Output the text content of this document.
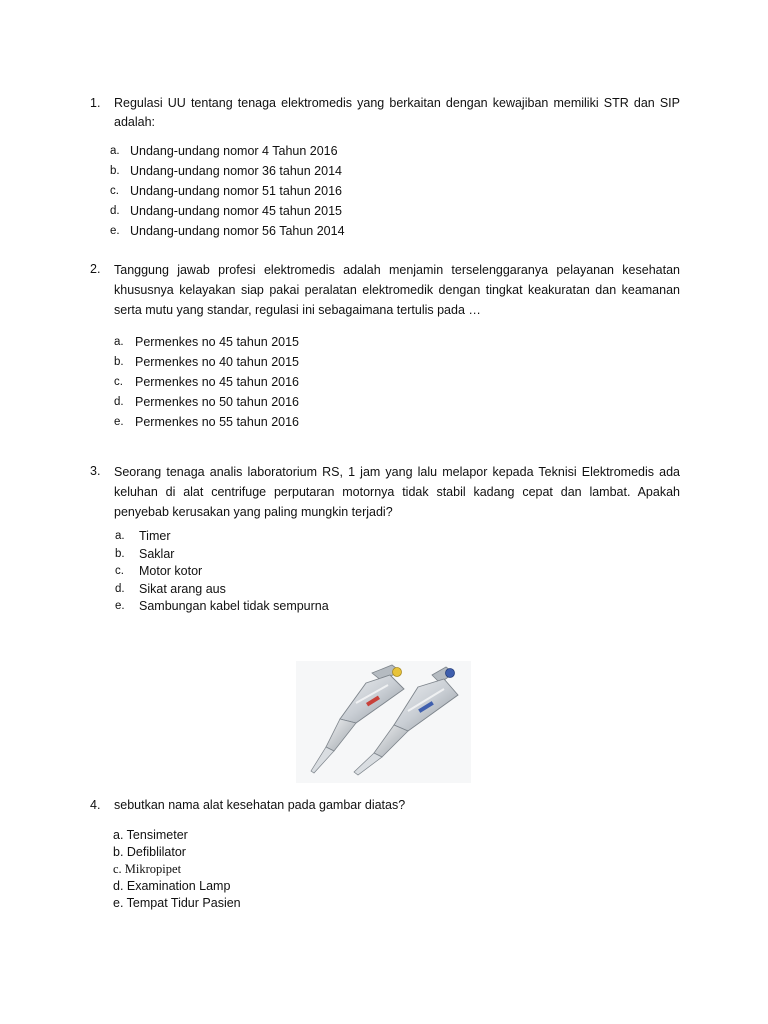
1. Regulasi UU tentang tenaga elektromedis yang berkaitan dengan kewajiban memiliki STR dan SIP adalah:
a. Undang-undang nomor 4 Tahun 2016
b. Undang-undang nomor 36 tahun 2014
c. Undang-undang nomor 51 tahun 2016
d. Undang-undang nomor 45 tahun 2015
e. Undang-undang nomor 56 Tahun 2014
2. Tanggung jawab profesi elektromedis adalah menjamin terselenggaranya pelayanan kesehatan khususnya kelayakan siap pakai peralatan elektromedik dengan tingkat keakuratan dan keamanan serta mutu yang standar, regulasi ini sebagaimana tertulis pada …
a. Permenkes no 45 tahun 2015
b. Permenkes no 40 tahun 2015
c. Permenkes no 45 tahun 2016
d. Permenkes no 50 tahun 2016
e. Permenkes no 55 tahun 2016
3. Seorang tenaga analis laboratorium RS, 1 jam yang lalu melapor kepada Teknisi Elektromedis ada keluhan di alat centrifuge perputaran motornya tidak stabil kadang cepat dan lambat. Apakah penyebab kerusakan yang paling mungkin terjadi?
a. Timer
b. Saklar
c. Motor kotor
d. Sikat arang aus
e. Sambungan kabel tidak sempurna
4. sebutkan nama alat kesehatan pada gambar diatas?
a. Tensimeter
b. Defiblilator
c. Mikropipet
d. Examination Lamp
e. Tempat Tidur Pasien
